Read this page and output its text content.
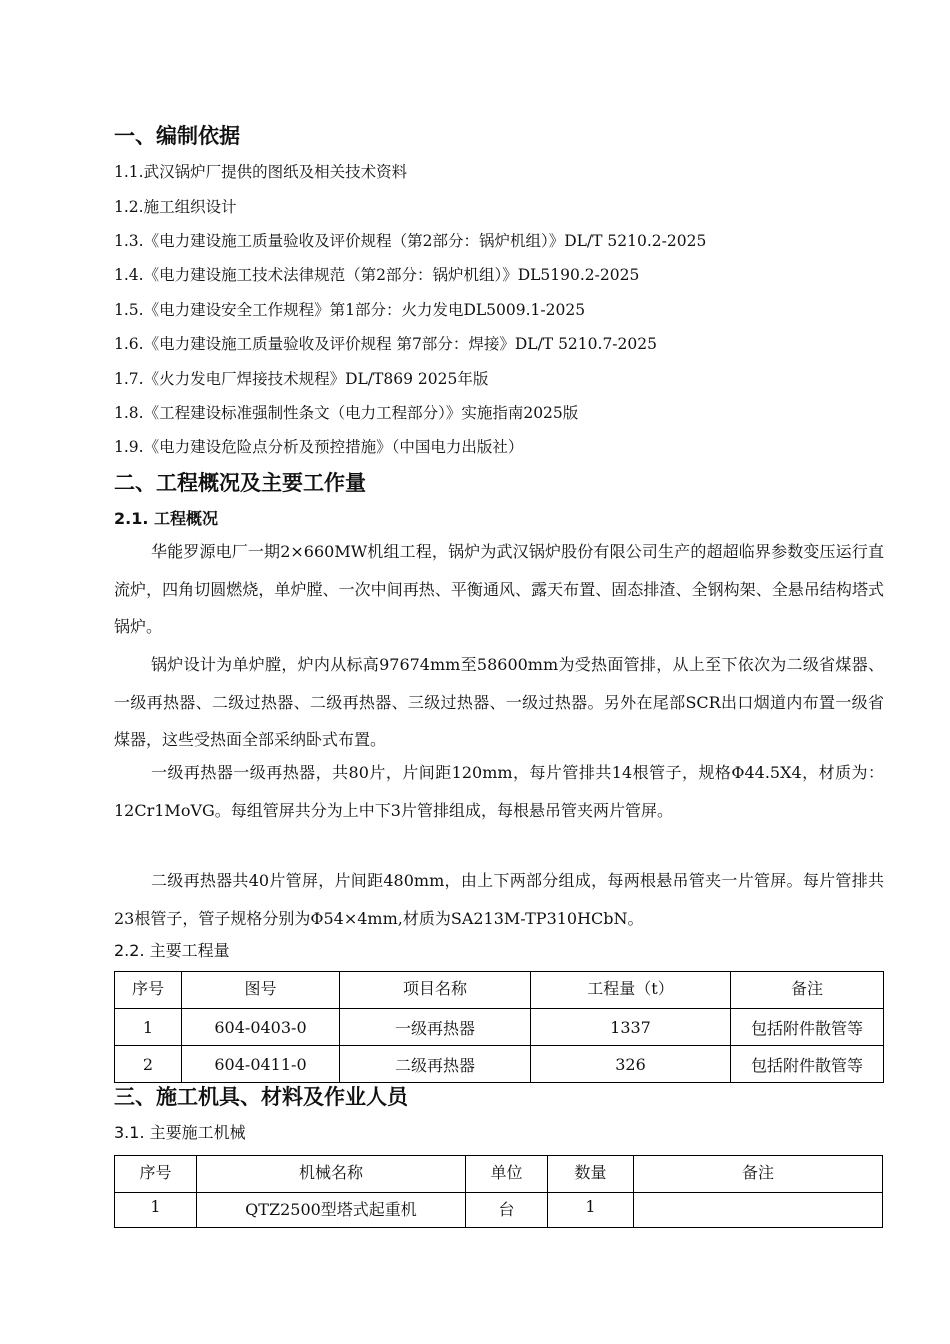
一、编制依据
1.1.武汉锅炉厂提供的图纸及相关技术资料
1.2.施工组织设计
1.3.《电力建设施工质量验收及评价规程（第2部分：锅炉机组）》DL/T 5210.2-2025
1.4.《电力建设施工技术法律规范（第2部分：锅炉机组）》DL5190.2-2025
1.5.《电力建设安全工作规程》第1部分：火力发电DL5009.1-2025
1.6.《电力建设施工质量验收及评价规程 第7部分：焊接》DL/T 5210.7-2025
1.7.《火力发电厂焊接技术规程》DL/T869 2025年版
1.8.《工程建设标准强制性条文（电力工程部分）》实施指南2025版
1.9.《电力建设危险点分析及预控措施》（中国电力出版社）
二、工程概况及主要工作量
2.1. 工程概况
华能罗源电厂一期2×660MW机组工程，锅炉为武汉锅炉股份有限公司生产的超超临界参数变压运行直流炉，四角切圆燃烧，单炉膛、一次中间再热、平衡通风、露天布置、固态排渣、全钢构架、全悬吊结构塔式锅炉。
锅炉设计为单炉膛，炉内从标高97674mm至58600mm为受热面管排，从上至下依次为二级省煤器、一级再热器、二级过热器、二级再热器、三级过热器、一级过热器。另外在尾部SCR出口烟道内布置一级省煤器，这些受热面全部采纳卧式布置。
一级再热器一级再热器，共80片，片间距120mm，每片管排共14根管子，规格Φ44.5X4，材质为：12Cr1MoVG。每组管屏共分为上中下3片管排组成，每根悬吊管夹两片管屏。
二级再热器共40片管屏，片间距480mm，由上下两部分组成，每两根悬吊管夹一片管屏。每片管排共23根管子，管子规格分别为Φ54×4mm,材质为SA213M-TP310HCbN。
2.2. 主要工程量
序号	图号	项目名称	工程量（t）	备注
1	604-0403-0	一级再热器	1337	包括附件散管等
2	604-0411-0	二级再热器	326	包括附件散管等
三、施工机具、材料及作业人员
3.1. 主要施工机械
序号	机械名称	单位	数量	备注
1	QTZ2500型塔式起重机	台	1	
